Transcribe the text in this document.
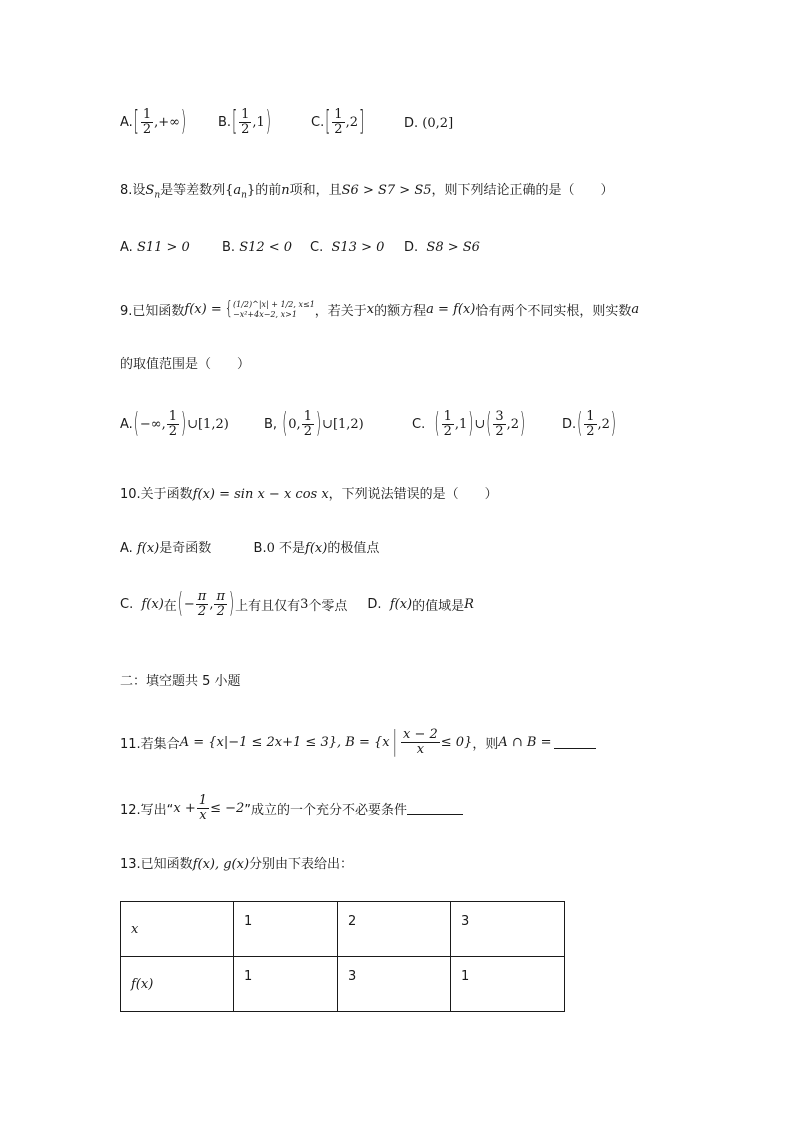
A. [ $\frac{1}{2}$ ,+∞ ) B. [ $\frac{1}{2} ,1$ )	C. [ $\frac{1}{2} ,2$ ]	D. ( 0,2 ]
8.设$S_n$是等差数列$\{a_n\}$的前n项和，且S6 > S7 > S5，则下列结论正确的是（　　）
A.
S11 > 0 B.
S12 < 0 C.
S13 > 0 D.
S8 > S6
9.已知函数 f(x) = { (1/2)^|x| + 1/2, x≤1
−x²+4x−2, x>1	，若关于 x 的额方程 a = f(x) 恰有两个不同实根，则实数 a
的取值范围是（　　）
A. ( −∞, $\frac{1}{2}$ ) ∪[1,2)	B,
( 0, $\frac{1}{2}$ ) ∪[1,2)	C.
( $\frac{1}{2} ,1$ ) ∪ ( $\frac{3}{2} ,2$ )	D. ( $\frac{1}{2} ,2$ )
10.关于函数f(x) = sin x − x cos x，下列说法错误的是（　　）
A. f(x)是奇函数	B.0 不是f(x)的极值点
C.
f(x) 在 ( − $\frac{\pi}{2}$ , $\frac{\pi}{2}$ ) 上有且仅有 3 个零点 D.
f(x) 的值域是 R
二：填空题共 5 小题
11.若集合 A = {x|−1 ≤ 2x+1 ≤ 3}, B = {x | $\frac{x - 2}{x} \le 0$} ，则 A ∩ B =
12.写出“ $x + \frac{1}{x} \le -2$ ”成立的一个充分不必要条件
13.已知函数f(x), g(x)分别由下表给出：
x	1	2	3
f(x)	1	3	1
